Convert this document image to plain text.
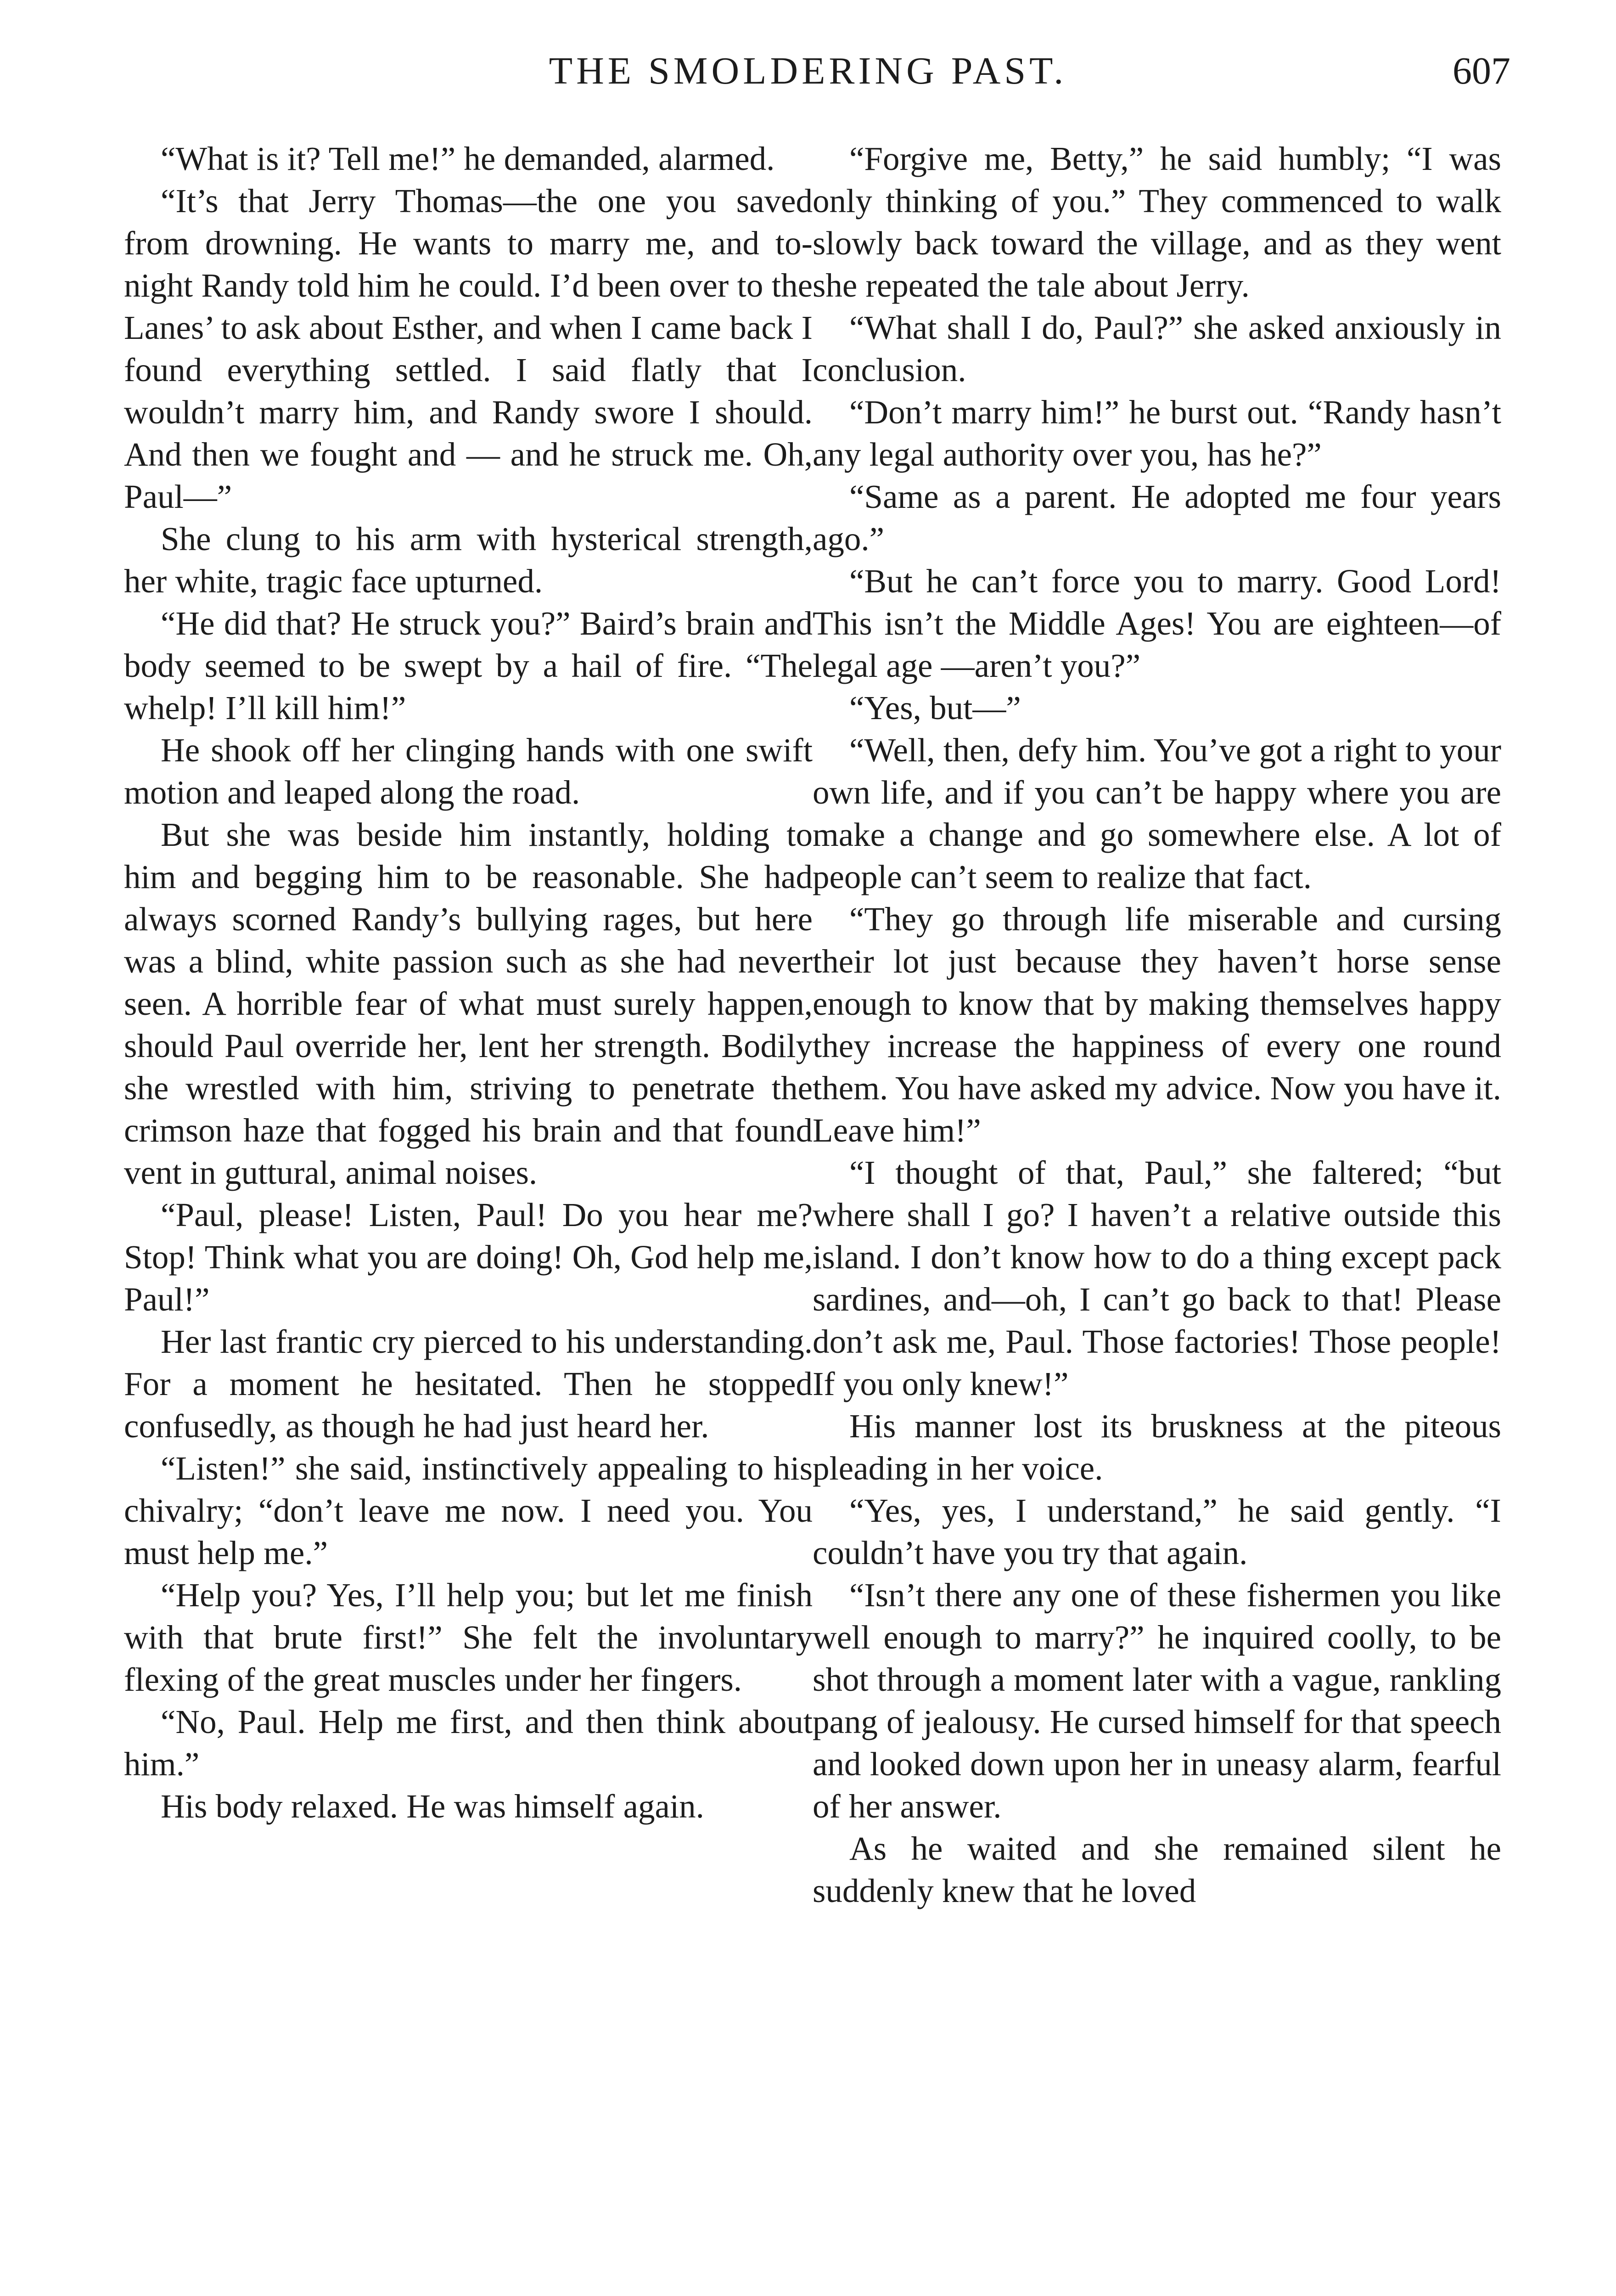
THE SMOLDERING PAST.	607

“What is it? Tell me!” he demanded, alarmed.

“It’s that Jerry Thomas—the one you saved from drowning. He wants to marry me, and to-night Randy told him he could. I’d been over to the Lanes’ to ask about Esther, and when I came back I found everything settled. I said flatly that I wouldn’t marry him, and Randy swore I should. And then we fought and — and he struck me. Oh, Paul—”

She clung to his arm with hysterical strength, her white, tragic face upturned.

“He did that? He struck you?” Baird’s brain and body seemed to be swept by a hail of fire. “The whelp! I’ll kill him!”

He shook off her clinging hands with one swift motion and leaped along the road.

But she was beside him instantly, holding to him and begging him to be reasonable. She had always scorned Randy’s bullying rages, but here was a blind, white passion such as she had never seen. A horrible fear of what must surely happen, should Paul override her, lent her strength. Bodily she wrestled with him, striving to penetrate the crimson haze that fogged his brain and that found vent in guttural, animal noises.

“Paul, please! Listen, Paul! Do you hear me? Stop! Think what you are doing! Oh, God help me, Paul!”

Her last frantic cry pierced to his understanding. For a moment he hesitated. Then he stopped confusedly, as though he had just heard her.

“Listen!” she said, instinctively appealing to his chivalry; “don’t leave me now. I need you. You must help me.”

“Help you? Yes, I’ll help you; but let me finish with that brute first!” She felt the involuntary flexing of the great muscles under her fingers.

“No, Paul. Help me first, and then think about him.”

His body relaxed. He was himself again.

“Forgive me, Betty,” he said humbly; “I was only thinking of you.” They commenced to walk slowly back toward the village, and as they went she repeated the tale about Jerry.

“What shall I do, Paul?” she asked anxiously in conclusion.

“Don’t marry him!” he burst out. “Randy hasn’t any legal authority over you, has he?”

“Same as a parent. He adopted me four years ago.”

“But he can’t force you to marry. Good Lord! This isn’t the Middle Ages! You are eighteen—of legal age —aren’t you?”

“Yes, but—”

“Well, then, defy him. You’ve got a right to your own life, and if you can’t be happy where you are make a change and go somewhere else. A lot of people can’t seem to realize that fact.

“They go through life miserable and cursing their lot just because they haven’t horse sense enough to know that by making themselves happy they increase the happiness of every one round them. You have asked my advice. Now you have it. Leave him!”

“I thought of that, Paul,” she faltered; “but where shall I go? I haven’t a relative outside this island. I don’t know how to do a thing except pack sardines, and—oh, I can’t go back to that! Please don’t ask me, Paul. Those factories! Those people! If you only knew!”

His manner lost its bruskness at the piteous pleading in her voice.

“Yes, yes, I understand,” he said gently. “I couldn’t have you try that again.

“Isn’t there any one of these fishermen you like well enough to marry?” he inquired coolly, to be shot through a moment later with a vague, rankling pang of jealousy. He cursed himself for that speech and looked down upon her in uneasy alarm, fearful of her answer.

As he waited and she remained silent he suddenly knew that he loved
